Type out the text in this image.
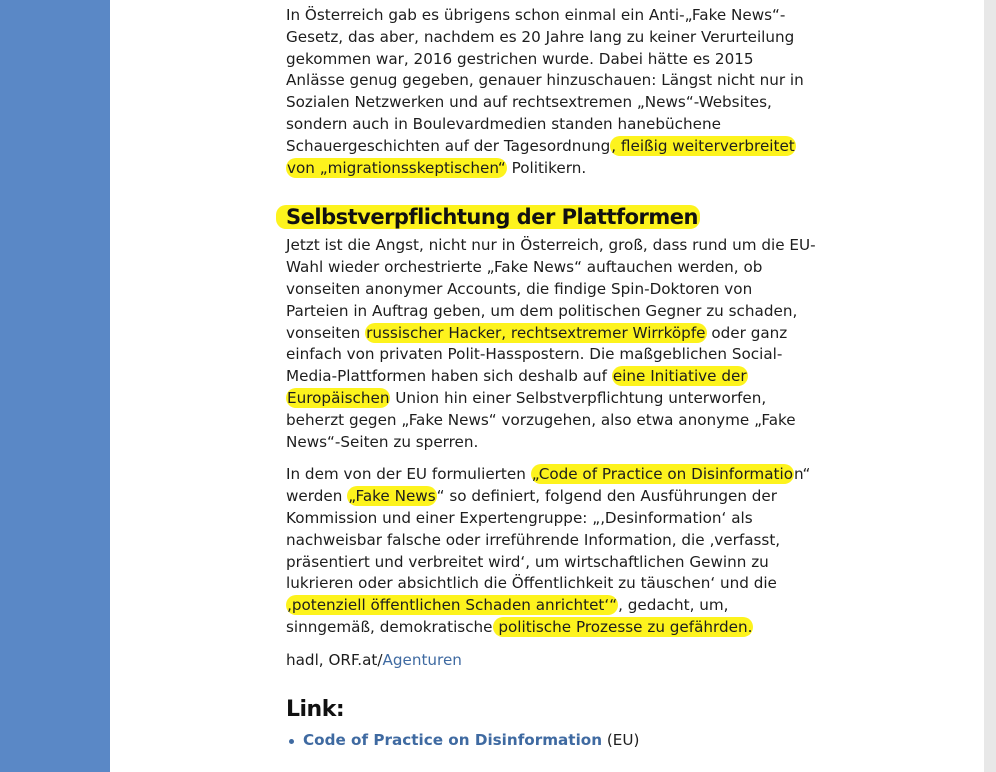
In Österreich gab es übrigens schon einmal ein Anti-„Fake News“-Gesetz, das aber, nachdem es 20 Jahre lang zu keiner Verurteilung gekommen war, 2016 gestrichen wurde. Dabei hätte es 2015 Anlässe genug gegeben, genauer hinzuschauen: Längst nicht nur in Sozialen Netzwerken und auf rechtsextremen „News“-Websites, sondern auch in Boulevardmedien standen hanebüchene Schauergeschichten auf der Tagesordnung, fleißig weiterverbreitet von „migrationsskeptischen“ Politikern.

Selbstverpflichtung der Plattformen

Jetzt ist die Angst, nicht nur in Österreich, groß, dass rund um die EU-Wahl wieder orchestrierte „Fake News“ auftauchen werden, ob vonseiten anonymer Accounts, die findige Spin-Doktoren von Parteien in Auftrag geben, um dem politischen Gegner zu schaden, vonseiten russischer Hacker, rechtsextremer Wirrköpfe oder ganz einfach von privaten Polit-Hasspostern. Die maßgeblichen Social-Media-Plattformen haben sich deshalb auf eine Initiative der Europäischen Union hin einer Selbstverpflichtung unterworfen, beherzt gegen „Fake News“ vorzugehen, also etwa anonyme „Fake News“-Seiten zu sperren.

In dem von der EU formulierten „Code of Practice on Disinformation“ werden „Fake News“ so definiert, folgend den Ausführungen der Kommission und einer Expertengruppe: „‚Desinformation‘ als nachweisbar falsche oder irreführende Information, die ‚verfasst, präsentiert und verbreitet wird‘, um wirtschaftlichen Gewinn zu lukrieren oder absichtlich die Öffentlichkeit zu täuschen‘ und die ‚potenziell öffentlichen Schaden anrichtet‘“, gedacht, um, sinngemäß, demokratische politische Prozesse zu gefährden.

hadl, ORF.at/Agenturen

Link:
Code of Practice on Disinformation (EU)
